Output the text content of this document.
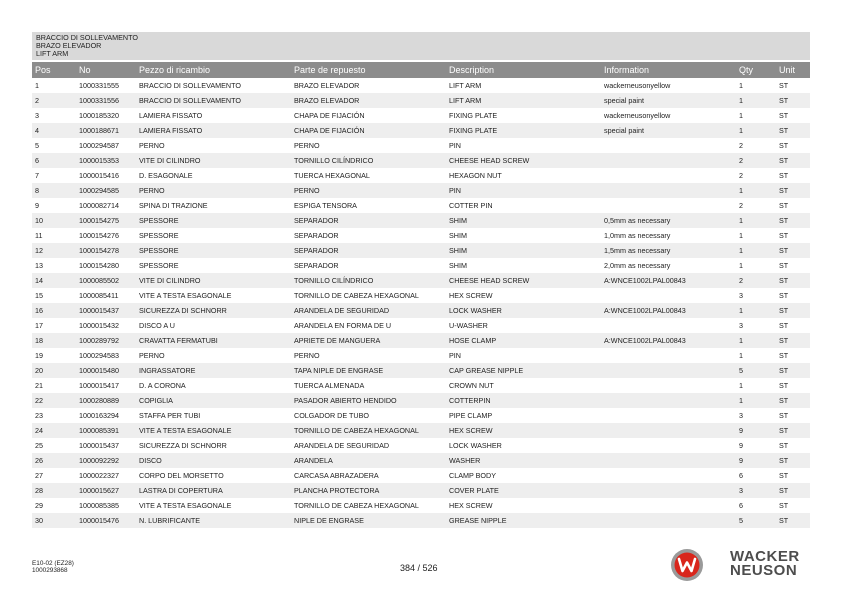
BRACCIO DI SOLLEVAMENTO
BRAZO ELEVADOR
LIFT ARM
Pos	No	Pezzo di ricambio	Parte de repuesto	Description	Information	Qty	Unit
1	1000331555	BRACCIO DI SOLLEVAMENTO	BRAZO ELEVADOR	LIFT ARM	wackerneusonyellow	1	ST
2	1000331556	BRACCIO DI SOLLEVAMENTO	BRAZO ELEVADOR	LIFT ARM	special paint	1	ST
3	1000185320	LAMIERA FISSATO	CHAPA DE FIJACIÓN	FIXING PLATE	wackerneusonyellow	1	ST
4	1000188671	LAMIERA FISSATO	CHAPA DE FIJACIÓN	FIXING PLATE	special paint	1	ST
5	1000294587	PERNO	PERNO	PIN		2	ST
6	1000015353	VITE DI CILINDRO	TORNILLO CILÍNDRICO	CHEESE HEAD SCREW		2	ST
7	1000015416	D. ESAGONALE	TUERCA HEXAGONAL	HEXAGON NUT		2	ST
8	1000294585	PERNO	PERNO	PIN		1	ST
9	1000082714	SPINA DI TRAZIONE	ESPIGA TENSORA	COTTER PIN		2	ST
10	1000154275	SPESSORE	SEPARADOR	SHIM	0,5mm as necessary	1	ST
11	1000154276	SPESSORE	SEPARADOR	SHIM	1,0mm as necessary	1	ST
12	1000154278	SPESSORE	SEPARADOR	SHIM	1,5mm as necessary	1	ST
13	1000154280	SPESSORE	SEPARADOR	SHIM	2,0mm as necessary	1	ST
14	1000085502	VITE DI CILINDRO	TORNILLO CILÍNDRICO	CHEESE HEAD SCREW	A:WNCE1002LPAL00843	2	ST
15	1000085411	VITE A TESTA ESAGONALE	TORNILLO DE CABEZA HEXAGONAL	HEX SCREW		3	ST
16	1000015437	SICUREZZA DI SCHNORR	ARANDELA DE SEGURIDAD	LOCK WASHER	A:WNCE1002LPAL00843	1	ST
17	1000015432	DISCO A U	ARANDELA EN FORMA DE U	U-WASHER		3	ST
18	1000289792	CRAVATTA FERMATUBI	APRIETE DE MANGUERA	HOSE CLAMP	A:WNCE1002LPAL00843	1	ST
19	1000294583	PERNO	PERNO	PIN		1	ST
20	1000015480	INGRASSATORE	TAPA NIPLE DE ENGRASE	CAP GREASE NIPPLE		5	ST
21	1000015417	D. A CORONA	TUERCA ALMENADA	CROWN NUT		1	ST
22	1000280889	COPIGLIA	PASADOR ABIERTO HENDIDO	COTTERPIN		1	ST
23	1000163294	STAFFA PER TUBI	COLGADOR DE TUBO	PIPE CLAMP		3	ST
24	1000085391	VITE A TESTA ESAGONALE	TORNILLO DE CABEZA HEXAGONAL	HEX SCREW		9	ST
25	1000015437	SICUREZZA DI SCHNORR	ARANDELA DE SEGURIDAD	LOCK WASHER		9	ST
26	1000092292	DISCO	ARANDELA	WASHER		9	ST
27	1000022327	CORPO DEL MORSETTO	CARCASA ABRAZADERA	CLAMP BODY		6	ST
28	1000015627	LASTRA DI COPERTURA	PLANCHA PROTECTORA	COVER PLATE		3	ST
29	1000085385	VITE A TESTA ESAGONALE	TORNILLO DE CABEZA HEXAGONAL	HEX SCREW		6	ST
30	1000015476	N. LUBRIFICANTE	NIPLE DE ENGRASE	GREASE NIPPLE		5	ST
E10-02 (EZ28)
1000293868	384 / 526
WACKER
NEUSON
